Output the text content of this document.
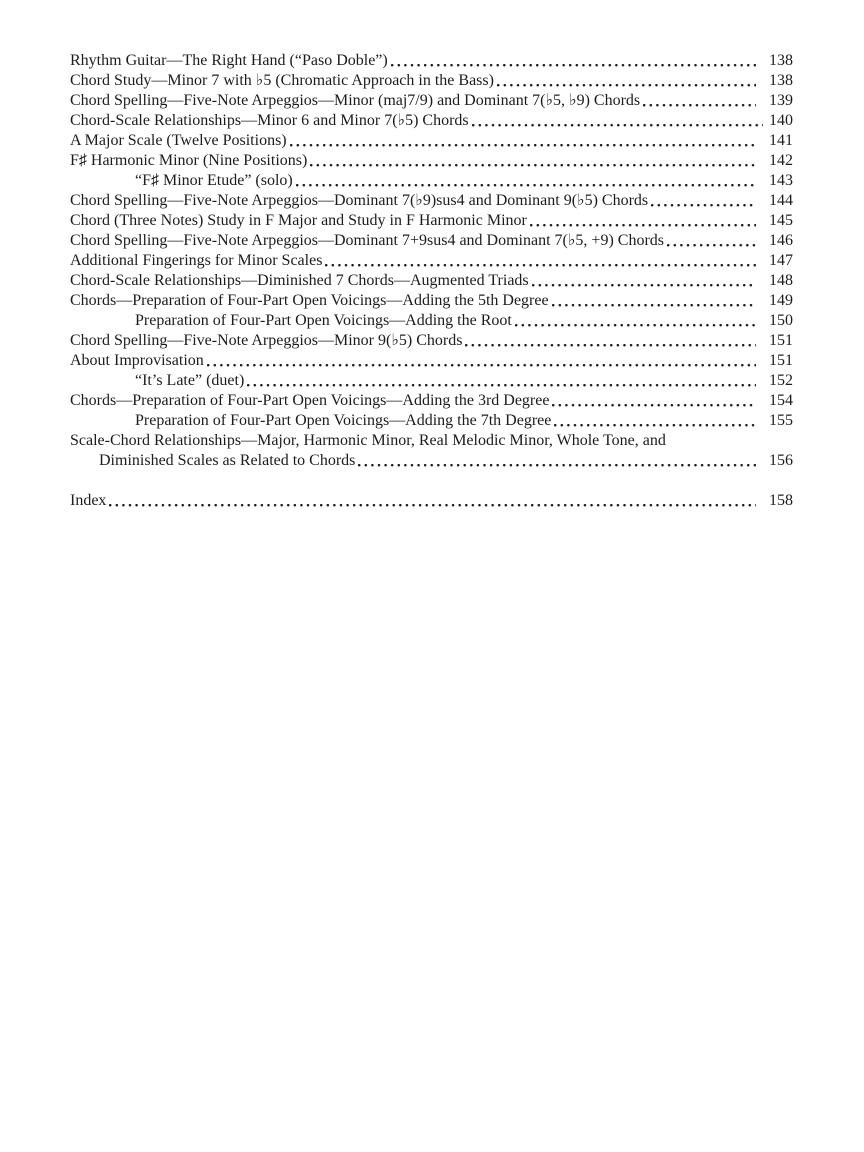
Rhythm Guitar—The Right Hand (“Paso Doble”)	138
Chord Study—Minor 7 with ♭5 (Chromatic Approach in the Bass)	138
Chord Spelling—Five-Note Arpeggios—Minor (maj7/9) and Dominant 7(♭5, ♭9) Chords	139
Chord-Scale Relationships—Minor 6 and Minor 7(♭5) Chords	140
A Major Scale (Twelve Positions)	141
F♯ Harmonic Minor (Nine Positions)	142
“F♯ Minor Etude” (solo)	143
Chord Spelling—Five-Note Arpeggios—Dominant 7(♭9)sus4 and Dominant 9(♭5) Chords	144
Chord (Three Notes) Study in F Major and Study in F Harmonic Minor	145
Chord Spelling—Five-Note Arpeggios—Dominant 7+9sus4 and Dominant 7(♭5, +9) Chords	146
Additional Fingerings for Minor Scales	147
Chord-Scale Relationships—Diminished 7 Chords—Augmented Triads	148
Chords—Preparation of Four-Part Open Voicings—Adding the 5th Degree	149
Preparation of Four-Part Open Voicings—Adding the Root	150
Chord Spelling—Five-Note Arpeggios—Minor 9(♭5) Chords	151
About Improvisation	151
“It’s Late” (duet)	152
Chords—Preparation of Four-Part Open Voicings—Adding the 3rd Degree	154
Preparation of Four-Part Open Voicings—Adding the 7th Degree	155
Scale-Chord Relationships—Major, Harmonic Minor, Real Melodic Minor, Whole Tone, and
Diminished Scales as Related to Chords	156
Index	158
